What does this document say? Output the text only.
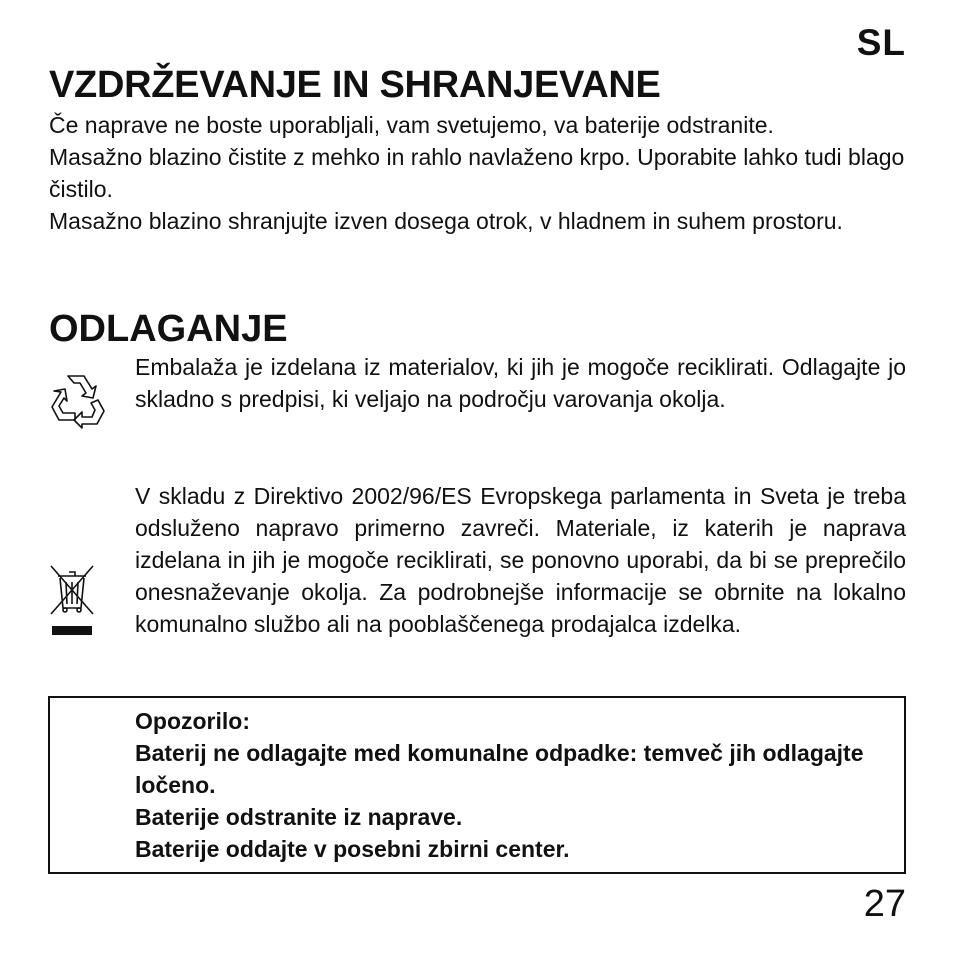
SL
VZDRŽEVANJE IN SHRANJEVANE

Če naprave ne boste uporabljali, vam svetujemo, va baterije odstranite.

Masažno blazino čistite z mehko in rahlo navlaženo krpo. Uporabite lahko tudi blago čistilo.

Masažno blazino shranjujte izven dosega otrok, v hladnem in suhem prostoru.

ODLAGANJE

Embalaža je izdelana iz materialov, ki jih je mogoče reciklirati. Odlagajte jo skladno s predpisi, ki veljajo na področju varovanja okolja.

V skladu z Direktivo 2002/96/ES Evropskega parlamenta in Sveta je treba odsluženo napravo primerno zavreči. Materiale, iz katerih je naprava izdelana in jih je mogoče reciklirati, se ponovno uporabi, da bi se preprečilo onesnaževanje okolja. Za podrobnejše informacije se obrnite na lokalno komunalno službo ali na pooblaščenega prodajalca izdelka.

Opozorilo:

Baterij ne odlagajte med komunalne odpadke: temveč jih odlagajte ločeno.

Baterije odstranite iz naprave.

Baterije oddajte v posebni zbirni center.

27
